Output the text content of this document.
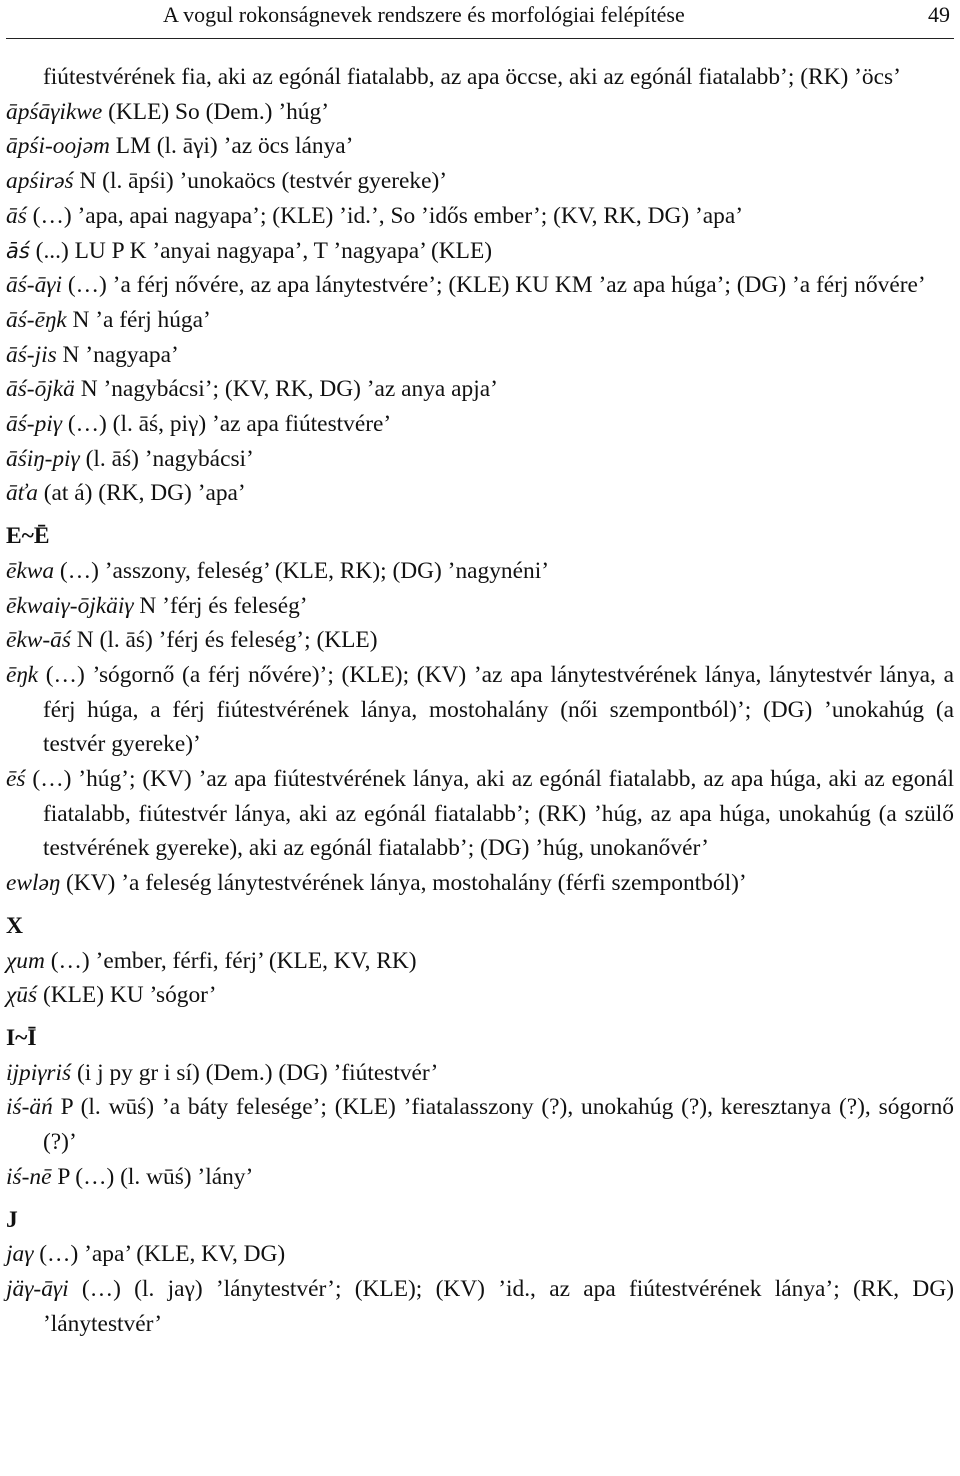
A vogul rokonságnevek rendszere és morfológiai felépítése	49

fiútestvérének fia, aki az egónál fiatalabb, az apa öccse, aki az egónál fiatalabb’; (RK) ’öcs’

āpśāγikwe (KLE) So (Dem.) ’húg’

āpśi-oojəm LM (l. āγi) ’az öcs lánya’

apśirəś N (l. āpśi) ’unokaöcs (testvér gyereke)’

āś (…) ’apa, apai nagyapa’; (KLE) ’id.’, So ’idős ember’; (KV, RK, DG) ’apa’

āś (...) LU P K ’anyai nagyapa’, T ’nagyapa’ (KLE)

āś-āγi (…) ’a férj nővére, az apa lánytestvére’; (KLE) KU KM ’az apa húga’; (DG) ’a férj nővére’

āś-ēŋk N ’a férj húga’

āś-jis N ’nagyapa’

āś-ōjkä N ’nagybácsi’; (KV, RK, DG) ’az anya apja’

āś-piγ (…) (l. āś, piγ) ’az apa fiútestvére’

āśiŋ-piγ (l. āś) ’nagybácsi’

āťa (at á) (RK, DG) ’apa’

E~Ē

ēkwa (…) ’asszony, feleség’ (KLE, RK); (DG) ’nagynéni’

ēkwaiγ-ōjkäiγ N ’férj és feleség’

ēkw-āś N (l. āś) ’férj és feleség’; (KLE)

ēŋk (…) ’sógornő (a férj nővére)’; (KLE); (KV) ’az apa lánytestvérének lánya, lánytestvér lánya, a férj húga, a férj fiútestvérének lánya, mostohalány (női szempontból)’; (DG) ’unokahúg (a testvér gyereke)’

ēś (…) ’húg’; (KV) ’az apa fiútestvérének lánya, aki az egónál fiatalabb, az apa húga, aki az egonál fiatalabb, fiútestvér lánya, aki az egónál fiatalabb’; (RK) ’húg, az apa húga, unokahúg (a szülő testvérének gyereke), aki az egónál fiatalabb’; (DG) ’húg, unokanővér’

ewləŋ (KV) ’a feleség lánytestvérének lánya, mostohalány (férfi szempontból)’

X

χum (…) ’ember, férfi, férj’ (KLE, KV, RK)

χūś (KLE) KU ’sógor’

I~Ī

ijpiγriś (i j py gr i sí) (Dem.) (DG) ’fiútestvér’

iś-äń P (l. wūś) ’a báty felesége’; (KLE) ’fiatalasszony (?), unokahúg (?), keresztanya (?), sógornő (?)’

iś-nē P (…) (l. wūś) ’lány’

J

jaγ (…) ’apa’ (KLE, KV, DG)

jäγ-āγi (…) (l. jaγ) ’lánytestvér’; (KLE); (KV) ’id., az apa fiútestvérének lánya’; (RK, DG) ’lánytestvér’
